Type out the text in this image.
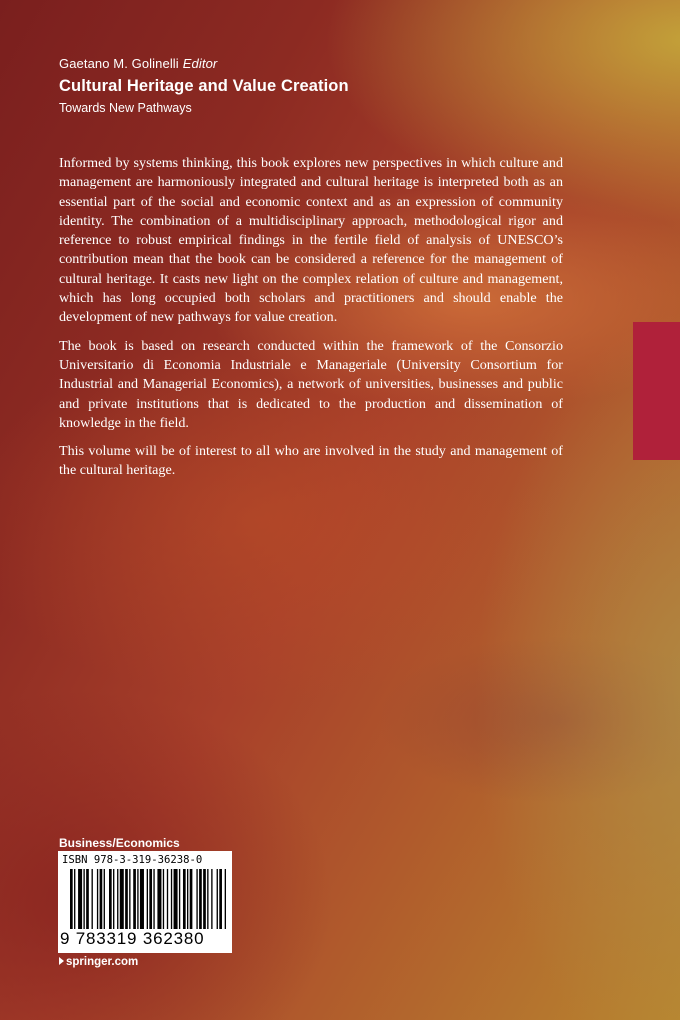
Gaetano M. Golinelli Editor
Cultural Heritage and Value Creation
Towards New Pathways

Informed by systems thinking, this book explores new perspectives in which culture and management are harmoniously integrated and cultural heritage is interpreted both as an essential part of the social and economic context and as an expression of community identity. The combination of a multidisciplinary approach, methodological rigor and reference to robust empirical findings in the fertile field of analysis of UNESCO’s contribution mean that the book can be considered a reference for the management of cultural heritage. It casts new light on the complex relation of culture and management, which has long occupied both scholars and practitioners and should enable the development of new pathways for value creation.

The book is based on research conducted within the framework of the Consorzio Universitario di Economia Industriale e Manageriale (University Consortium for Industrial and Managerial Economics), a network of universities, businesses and public and private institutions that is dedicated to the production and dissemination of knowledge in the field.

This volume will be of interest to all who are involved in the study and management of the cultural heritage.

Business/Economics
ISBN 978-3-319-36238-0
9 783319 362380
springer.com
